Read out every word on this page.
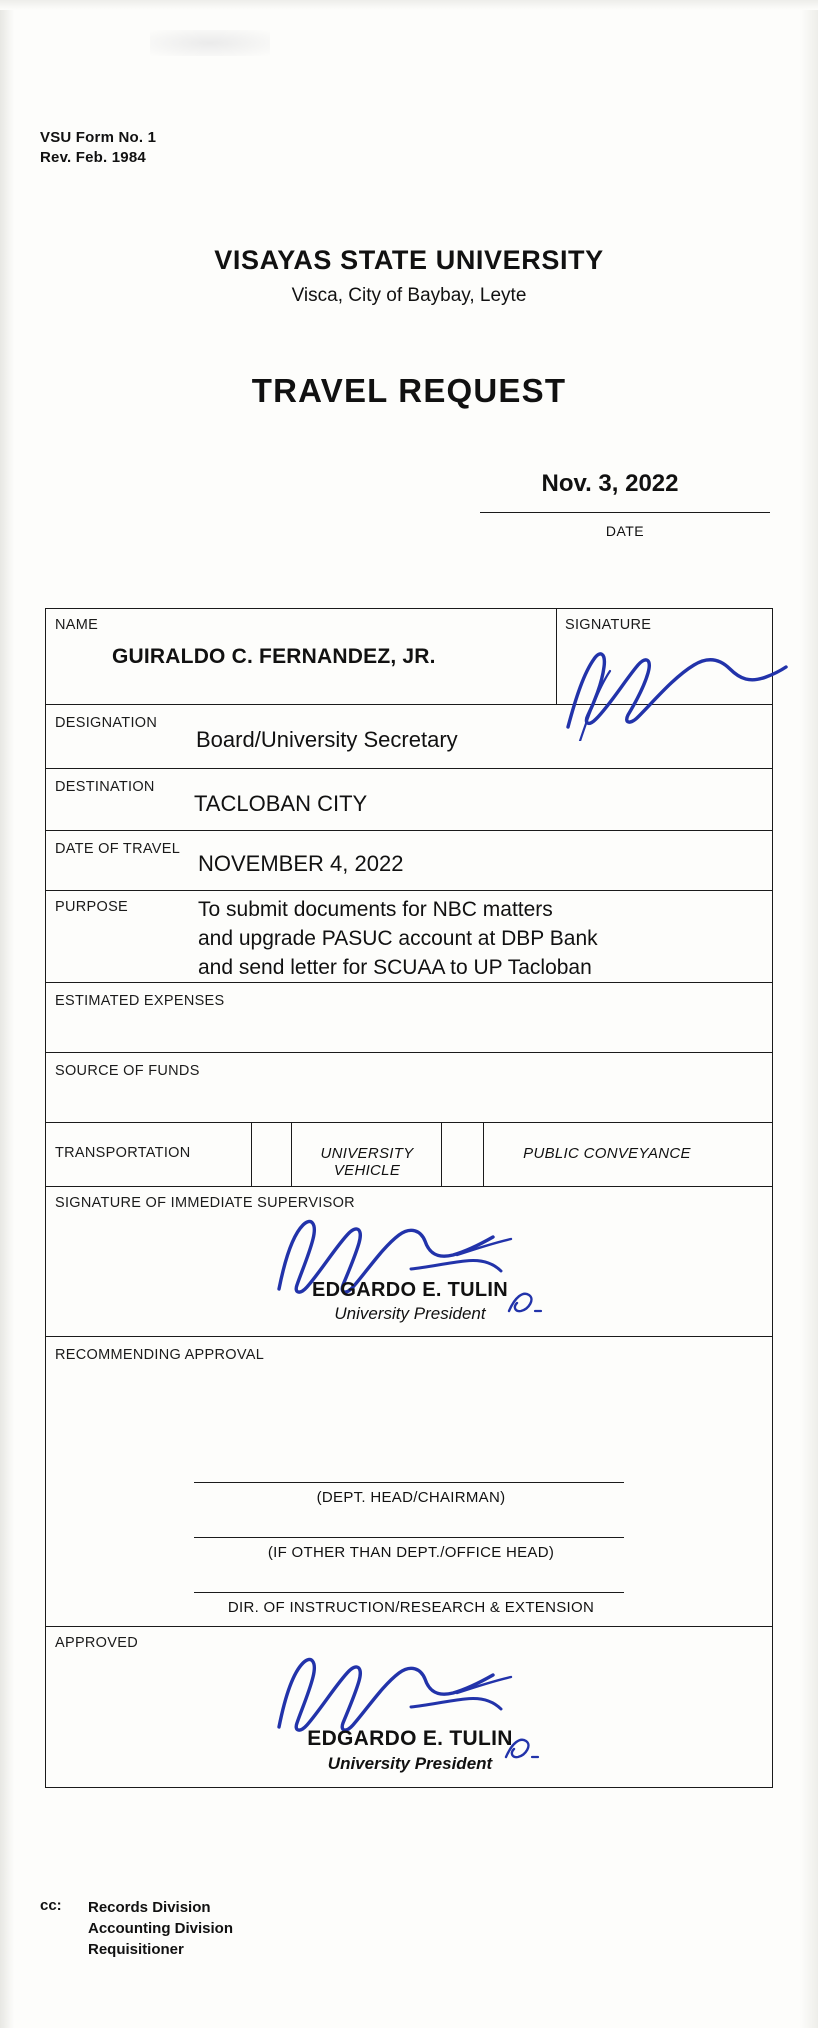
VSU Form No. 1
Rev. Feb. 1984
VISAYAS STATE UNIVERSITY
Visca, City of Baybay, Leyte
TRAVEL REQUEST
Nov. 3, 2022
DATE
NAME
GUIRALDO C. FERNANDEZ, JR.
SIGNATURE
DESIGNATION
Board/University Secretary
DESTINATION
TACLOBAN CITY
DATE OF TRAVEL
NOVEMBER 4, 2022
PURPOSE	To submit documents for NBC matters
and upgrade PASUC account at DBP Bank
and send letter for SCUAA to UP Tacloban
ESTIMATED EXPENSES
SOURCE OF FUNDS
TRANSPORTATION	UNIVERSITY VEHICLE
PUBLIC CONVEYANCE
SIGNATURE OF IMMEDIATE SUPERVISOR
EDGARDO E. TULIN
University President
RECOMMENDING APPROVAL
(DEPT. HEAD/CHAIRMAN)
(IF OTHER THAN DEPT./OFFICE HEAD)
DIR. OF INSTRUCTION/RESEARCH & EXTENSION
APPROVED
EDGARDO E. TULIN
University President
cc: Records Division
Accounting Division
Requisitioner
